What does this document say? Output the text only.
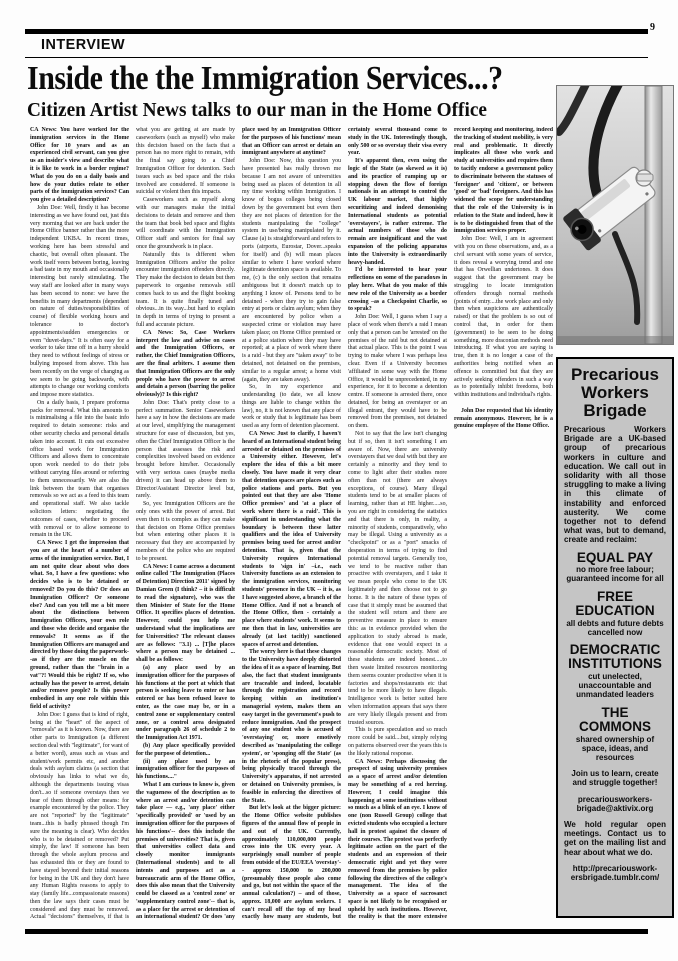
INTERVIEW
9
Inside the the Immigration Services...?
Citizen Artist News talks to our man in the Home Office

CA News: You have worked for the immigration services in the Home Office for 10 years and as an experienced civil servant, can you give us an insider's view and describe what it is like to work in a border regime? What do you do on a daily basis and how do your duties relate to other parts of the immigration services? Can you give a detailed description?

John Doe: Well, firstly it has become interesting as we have found out, just this very morning that we are back under the Home Office banner rather than the more independent UKBA. In recent times, working here has been stressful and chaotic, but overall often pleasant. The work itself veers between boring, leaving a bad taste in my mouth and occasionally interesting but rarely stimulating. The way staff are looked after in many ways has been second to none: we have the benefits in many departments (dependant on nature of duties/responsibilities of course) of flexible working hours and tolerance to doctor's appointments/sudden emergencies or even "duvet-days." It is often easy for a worker to take time off in a hurry should they need to without feelings of stress or bullying imposed from above. This has been recently on the verge of changing as we seem to be going backwards, with attempts to change our working comforts and impose more statistics.

On a daily basis, I prepare proforma packs for removal. What this amounts to is minimalising a file into the basic info required to detain someone: risks and other security checks and personal details taken into account. It cuts out excessive office based work for Immigration Officers and allows them to concentrate upon work needed to do their jobs without carrying files around or referring to them unnecessarily. We are also the link between the team that organises removals so we act as a feed to this team and operational staff. We also tackle solicitors letters: negotiating the outcomes of cases, whether to proceed with removal or to allow someone to remain in the UK.

CA News: I get the impression that you are at the heart of a number of arms of the immigration service. But, I am not quite clear about who does what. So, I have a few questions: who decides who is to be detained or removed? Do you do this? Or does an Immigration Officer? Or someone else? And can you tell me a bit more about the distinctions between Immigration Officers, your own role and those who decide and organise the removals? It seems as if the Immigration Officers are managed and directed by those doing the paperwork--as if they are the muscle on the ground, rather than the "brain in a vat"?! Would this be right? If so, who actually has the power to arrest, detain and/or remove people? Is this power embodied in any one role within this field of activity?

John Doe: I guess that is kind of right, being at the "heart" of the aspect of "removals" as it is known. Now, there are other parts to Immigration (a different section deal with "legitimate", for want of a better word), areas such as visas and student/work permits etc, and another deals with asylum claims (a section that obviously has links to what we do, although the departments issuing visas don't...so if someone overstays then we hear of them through other means: for example encountered by the police. They are not "reported" by the "legitimate" team...this is badly phrased though I'm sure the meaning is clear). Who decides who is to be detained or removed? Put simply, the law! If someone has been through the whole asylum process and has exhausted this or they are found to have stayed beyond their initial reasons for being in the UK and they don't have any Human Rights reasons to apply to stay (family life...compassionate reasons) then the law says their cases must be considered and they must be removed. Actual "decisions" themselves, if that is what you are getting at are made by caseworkers (such as myself) who make this decision based on the facts that a person has no more right to remain, with the final say going to a Chief Immigration Officer for detention. Such issues such as bed space and the risks involved are considered. If someone is suicidal or violent then this impacts.

Caseworkers such as myself along with our managers make the initial decisions to detain and remove and then the team that book bed space and flights will coordinate with the Immigration Officer staff and seniors for final say once the groundwork is in place.

Naturally this is different when Immigration Officers and/or the police encounter immigration offenders directly. They make the decision to detain but then paperwork to organise removals still comes back to us and the flight booking team. It is quite finally tuned and obvious...in its way...but hard to explain in depth in terms of trying to present a full and accurate picture.

CA News: So, Case Workers interpret the law and advise on cases and the Immigration Officers, or rather, the Chief Immigration Officers, are the final arbiters. I assume then that Immigration Officers are the only people who have the power to arrest and detain a person (barring the police obviously)? Is this right?

John Doe: That's pretty close to a perfect summation. Senior Caseworkers have a say in how the decisions are made at our level, simplifying the management structure for ease of discussion, but yes, often the Chief Immigration Officer is the person that assesses the risk and complexities involved based on evidence brought before him/her. Occasionally with very serious cases (maybe media driven) it can head up above them to Director/Assistant Director level but, rarely.

So, yes: Immigration Officers are the only ones with the power of arrest. But even then it is complex as they can make that decision on Home Office premises but when entering other places it is necessary that they are accompanied by members of the police who are required to be present.

CA News: I came across a document online called 'The Immigration (Places of Detention) Direction 2011' signed by Damian Green (I think? – it is difficult to read the signature), who was the then Minister of State for the Home Office. It specifies places of detention. However, could you help me understand what the implications are for Universities? The relevant clauses are as follows: "3.1) ... [T]he places where a person may be detained ... shall be as follows:

(a) any place used by an immigration officer for the purposes of his functions at the port at which that person is seeking leave to enter or has entered or has been refused leave to enter, as the case may be, or in a control zone or supplementary control zone, or a control area designated under paragraph 26 of schedule 2 to the Immigration Act 1971.

(b) Any place specifically provided for the purpose of detention...

(ii) any place used by an immigration officer for the purposes of his functions...."

What I am curious to know is, given the vagueness of the description as to where an arrest and/or detention can take place — e.g., 'any place' either 'specifically provided' or 'used by an immigration officer for the purposes of his functions'-- does this include the premises of universities? That is, given that universities collect data and closely monitor immigrants (International students) and to all intents and purposes act as a bureaucratic arm of the Home Office, does this also mean that the University could be classed as a 'control zone' or 'supplementary control zone'-- that is, as a place for the arrest or detention of an international student? Or does 'any place used by an Immigration Officer for the purposes of his functions' mean that an Officer can arrest or detain an immigrant anywhere at anytime?

John Doe: Now, this question you have presented has really thrown me because I am not aware of universities being used as places of detention in all my time working within Immigration. I know of bogus colleges being closed down by the government but even then they are not places of detention for the students manipulating the "college" system in use/being manipulated by it. Clause (a) is straightforward and refers to ports (airports, Eurostar, Dover...speaks for itself) and (b) will mean places similar to where I have worked where legitimate detention space is available. To me, (c) is the only section that remains ambiguous but it doesn't match up to anything I know of. Persons tend to be detained - when they try to gain false entry at ports or claim asylum; when they are encountered by police when a suspected crime or violation may have taken place; on Home Office premised or at a police station where they may have reported; at a place of work where there is a raid - but they are "taken away" to be detained, not detained on the premises, similar to a regular arrest; a home visit (again, they are taken away).

So, in my experience and understanding (to date, we all know things are liable to change within the law), no, it is not known that any place of work or study that is legitimate has been used as any form of detention placement.

CA News: Just to clarify, I haven't heard of an International student being arrested or detained on the premises of a University either. However, let's explore the idea of this a bit more closely. You have made it very clear that detention spaces are places such as police stations and ports. But you pointed out that they are also 'Home Office premises' and 'at a place of work where there is a raid'. This is significant in understanding what the boundary is between these latter qualifiers and the idea of University premises being used for arrest and/or detention. That is, given that the University requires International students to 'sign in' –i.e., each University functions as an extension to the immigration services, monitoring students' presence in the UK -- it is, as I have suggested above, a branch of the Home Office. And if not a branch of the Home Office, then - certainly a place where students' work. It seems to me then that in law, universities are already (at last tacitly) sanctioned spaces of arrest and detention.

The worry here is that these changes to the University have deeply distorted the idea of it as a space of learning. But also, the fact that student immigrants are traceable and indeed, locatable through the registration and record keeping within an institution's managerial system, makes them an easy target in the government's push to reduce immigration. And the prospect of any one student who is accused of 'overstaying' or, more emotively described as 'manipulating the college system', or 'sponging off the State' (as in the rhetoric of the popular press), being physically traced through the University's apparatus, if not arrested or detained on University premises, is feasible in enforcing the directives of the State.

But let's look at the bigger picture: the Home Office website publishes figures of the annual flow of people in and out of the UK. Currently, approximately 110,000,000 people cross into the UK every year. A surprisingly small number of people from outside of the EU/EEA 'overstay'-- approx 150,000 to 200,000 (presumably these people also come and go, but not within the space of the annual calculation?) – and of those, approx. 18,000 are asylum seekers. I can't recall off the top of my head exactly how many are students, but certainly several thousand come to study in the UK. Interestingly though, only 500 or so overstay their visa every year.

It's apparent then, even using the logic of the State (as skewed as it is) and its practice of ramping up or stopping down the flow of foreign nationals in an attempt to control the UK labour market, that highly securitizing and indeed demonising International students as potential 'overstayers', is rather extreme. The actual numbers of those who do remain are insignificant and the vast expansion of the policing apparatus into the University is extraordinarily heavy-handed.

I'd be interested to hear your reflections on some of the paradoxes in play here. What do you make of this new role of the University as a border crossing –as a Checkpoint Charlie, so to sprak?

John Doe: Well, I guess when I say a place of work when there's a raid I mean only that a person can be 'arrested' on the premises of the raid but not detained at that actual place. This is the point I was trying to make where I was perhaps less clear. Even if a University becomes 'affiliated' in some way with the Home Office, it would be unprecedented, in my experience, for it to become a detention centre. If someone is arrested there, once detained, for being an overstayer or an illegal entrant, they would have to be removed from the premises, not detained on them.

Not to say that the law isn't changing but if so, then it isn't something I am aware of. Now, there are university overstayers that we deal with but they are certainly a minority and they tend to come to light after their studies more often than not (there are always exceptions, of course). Many illegal students tend to be at smaller places of learning, rather than at HE higher.....so, you are right in considering the statistics and that there is only, in reality, a minority of students, comparatively, who may be illegal. Using a university as a "checkpoint" or as a "port" smacks of desperation in terms of trying to find potential removal targets. Generally too, we tend to be reactive rather than proactive with overstayers, and I take it we mean people who come to the UK legitimately and then choose not to go home. It is the nature of these types of case that it simply must be assumed that the student will return and there are preventive measure in place to ensure this: as in evidence provided when the application to study abroad is made, evidence that one would expect in a reasonable democratic society. Most of these students are indeed honest.....to then waste limited resources monitoring them seems counter productive when it is factories and shops/restaurants etc that tend to be more likely to have illegals. Intelligence work is better suited here when information appears that says there are very likely illegals present and from trusted sources.

This is pure speculation and so much more could be said....but, simply relying on patterns observed over the years this is the likely rational response.

CA News: Perhaps discussing the prospect of using university premises as a space of arrest and/or detention may be something of a red herring. However, I could imagine this happening at some institutions without so much as a blink of an eye. I know of one (non Russell Group) college that evicted students who occupied a lecture hall in protest against the closure of their courses. The protest was perfectly legitimate action on the part of the students and an expression of their democratic right and yet they were removed from the premises by police following the directives of the college's management. The idea of the University as a space of sacrosanct space is not likely to be recognised or upheld by such institutions. However, the reality is that the more extensive record keeping and monitoring, indeed the tracking of student mobility, is very real and problematic. It directly implicates all those who work and study at universities and requires them to tacitly endorse a government policy to discriminate between the statuses of 'foreigner' and 'citizen', or between 'good' or 'bad' foreigners. And this has widened the scope for understanding that the role of the University is in relation to the State and indeed, how it is to be distinguished from that of the immigration services proper.

John Doe: Well, I am in agreement with you on these observations, and, as a civil servant with some years of service, it does reveal a worrying trend and one that has Orwellian undertones. It does suggest that the government may be struggling to locate immigration offenders through normal methods (points of entry....the work place and only then when suspicions are authentically raised) or that the problem is so out of control that, in order for them (government) to be seen to be doing something, more draconian methods need introducing. If what you are saying is true, then it is no longer a case of the authorities being notified when an offence is committed but that they are actively seeking offenders in such a way as to potentially inhibit freedoms, both within institutions and individual's rights.

John Doe requested that his identity remain anonymous. However, he is a genuine employee of the Home Office.

Precarious Workers Brigade

Precarious Workers Brigade are a UK-based group of precarious workers in culture and education. We call out in solidarity with all those struggling to make a living in this climate of instability and enforced austerity. We come together not to defend what was, but to demand, create and reclaim:

EQUAL PAY

no more free labour; guaranteed income for all

FREE EDUCATION

all debts and future debts cancelled now

DEMOCRATIC INSTITUTIONS

cut unelected, unaccountable and unmandated leaders

THE COMMONS

shared ownership of space, ideas, and resources

Join us to learn, create and struggle together!

precariousworkers-brigade@aktivix.org

We hold regular open meetings. Contact us to get on the mailing list and hear about what we do.

http://precariouswork-ersbrigade.tumblr.com/
